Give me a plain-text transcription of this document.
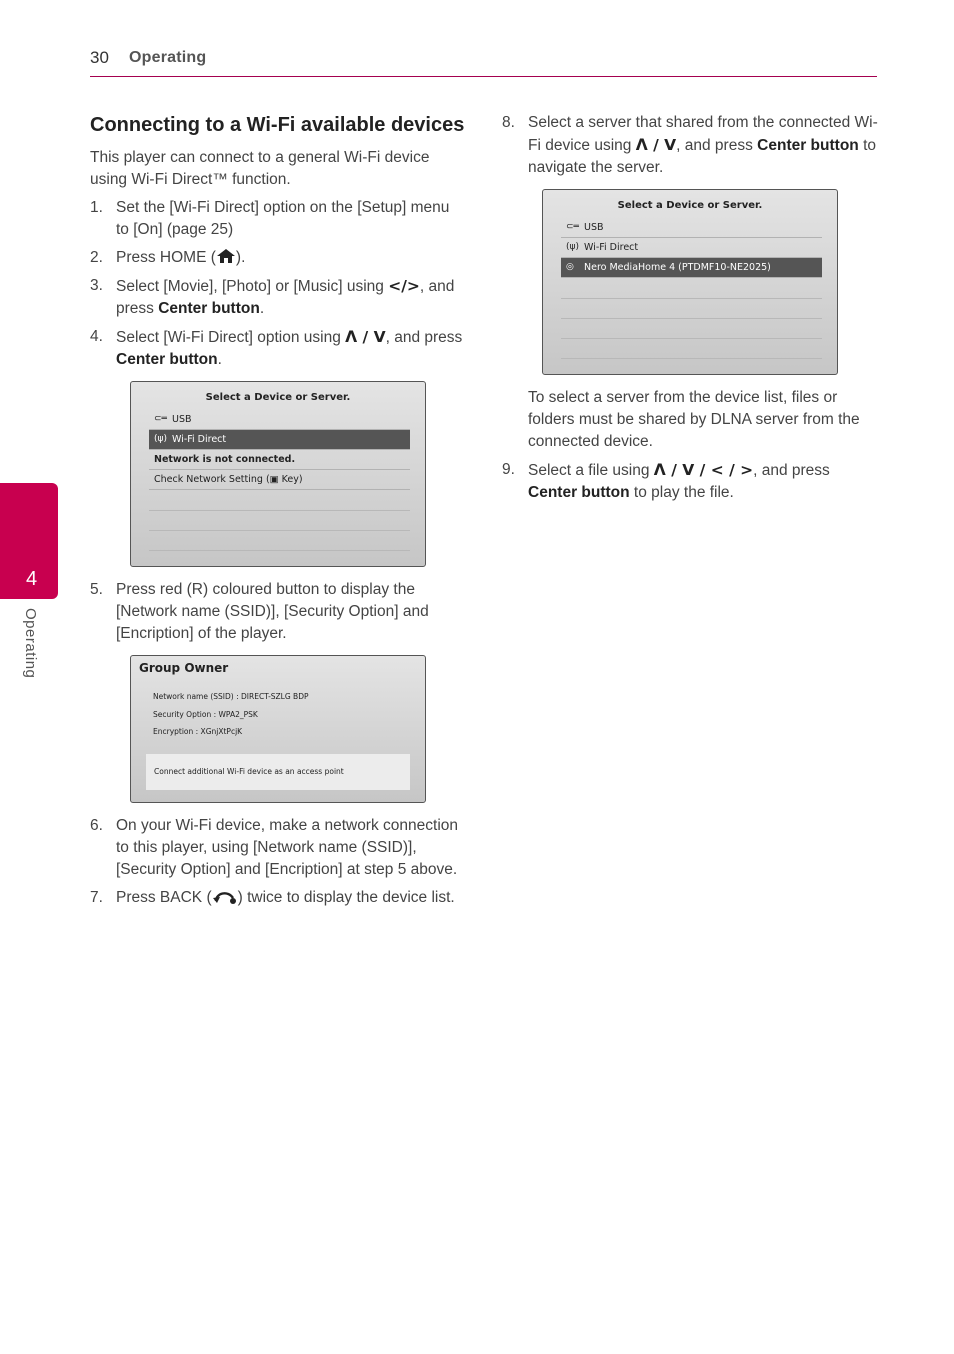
30 Operating
4
Operating
Connecting to a Wi-Fi available devices

This player can connect to a general Wi-Fi device using Wi-Fi Direct™ function.

1. Set the [Wi-Fi Direct] option on the [Setup] menu to [On] (page 25)
2. Press HOME ( ).
3. Select [Movie], [Photo] or [Music] using </>, and press Center button.
4. Select [Wi-Fi Direct] option using Λ / V, and press Center button.
Select a Device or Server.
⊂═ USB
(ψ) Wi-Fi Direct
Network is not connected.
Check Network Setting (▣ Key)
5. Press red (R) coloured button to display the [Network name (SSID)], [Security Option] and [Encription] of the player.
Group Owner
Network name (SSID) : DIRECT-SZLG BDP
Security Option : WPA2_PSK
Encryption : XGnjXtPcjK
Connect additional Wi-Fi device as an access point
6. On your Wi-Fi device, make a network connection to this player, using [Network name (SSID)], [Security Option] and [Encription] at step 5 above.
7. Press BACK ( ) twice to display the device list.
8. Select a server that shared from the connected Wi-Fi device using Λ / V, and press Center button to navigate the server.
Select a Device or Server.
⊂═ USB
(ψ) Wi-Fi Direct
◎	Nero MediaHome 4 (PTDMF10-NE2025)
To select a server from the device list, files or folders must be shared by DLNA server from the connected device.
9. Select a file using Λ / V / < / >, and press Center button to play the file.
